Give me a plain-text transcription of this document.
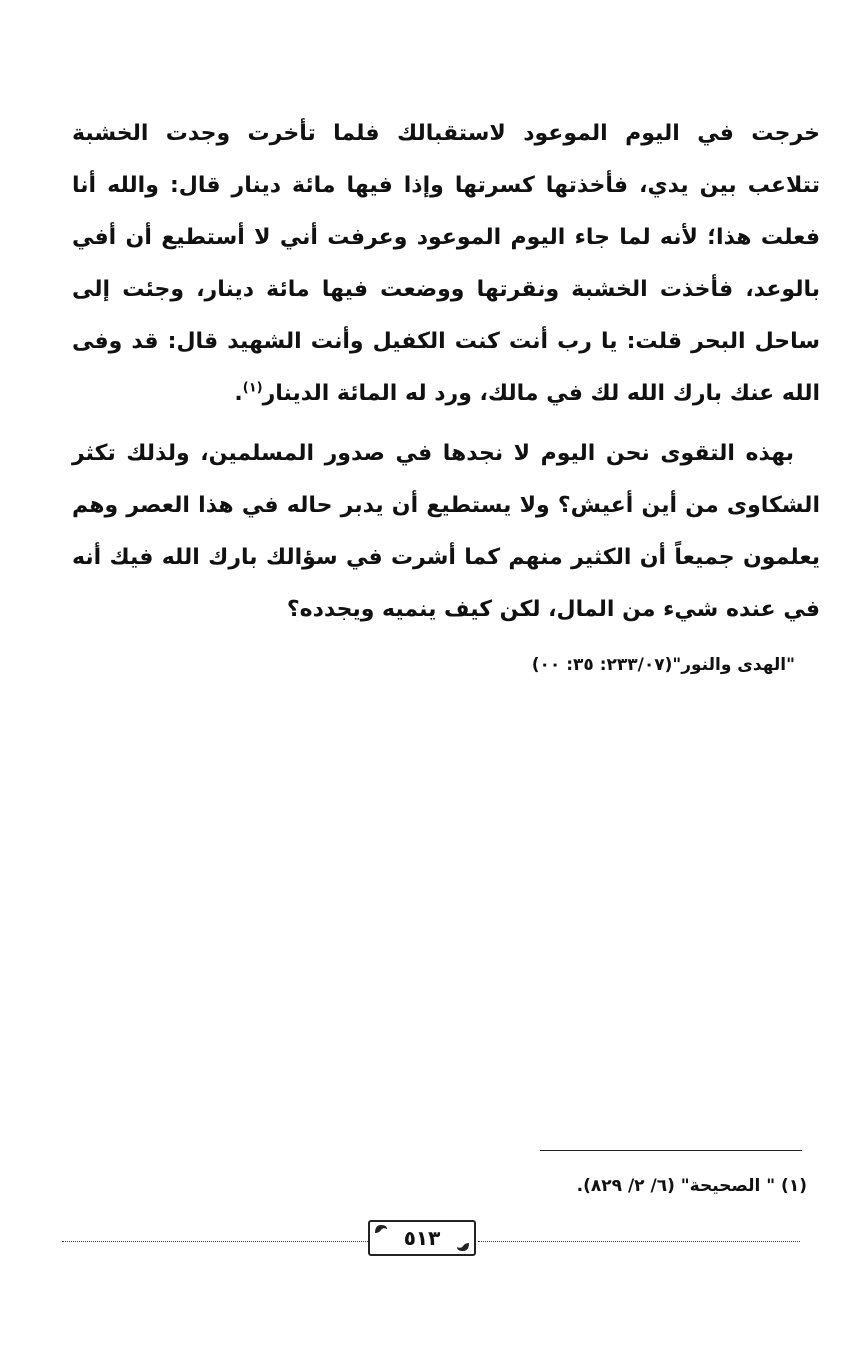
خرجت في اليوم الموعود لاستقبالك فلما تأخرت وجدت الخشبة تتلاعب بين يدي، فأخذتها كسرتها وإذا فيها مائة دينار قال: والله أنا فعلت هذا؛ لأنه لما جاء اليوم الموعود وعرفت أني لا أستطيع أن أفي بالوعد، فأخذت الخشبة ونقرتها ووضعت فيها مائة دينار، وجئت إلى ساحل البحر قلت: يا رب أنت كنت الكفيل وأنت الشهيد قال: قد وفى الله عنك بارك الله لك في مالك، ورد له المائة الدينار$^{(١)}$.

بهذه التقوى نحن اليوم لا نجدها في صدور المسلمين، ولذلك تكثر الشكاوى من أين أعيش؟ ولا يستطيع أن يدبر حاله في هذا العصر وهم يعلمون جميعاً أن الكثير منهم كما أشرت في سؤالك بارك الله فيك أنه في عنده شيء من المال، لكن كيف ينميه ويجدده؟

"الهدى والنور"(٢٣٣/٠٧: ٣٥: ٠٠)
(١) " الصحيحة" (٦/ ٢/ ٨٢٩).
٥١٣
